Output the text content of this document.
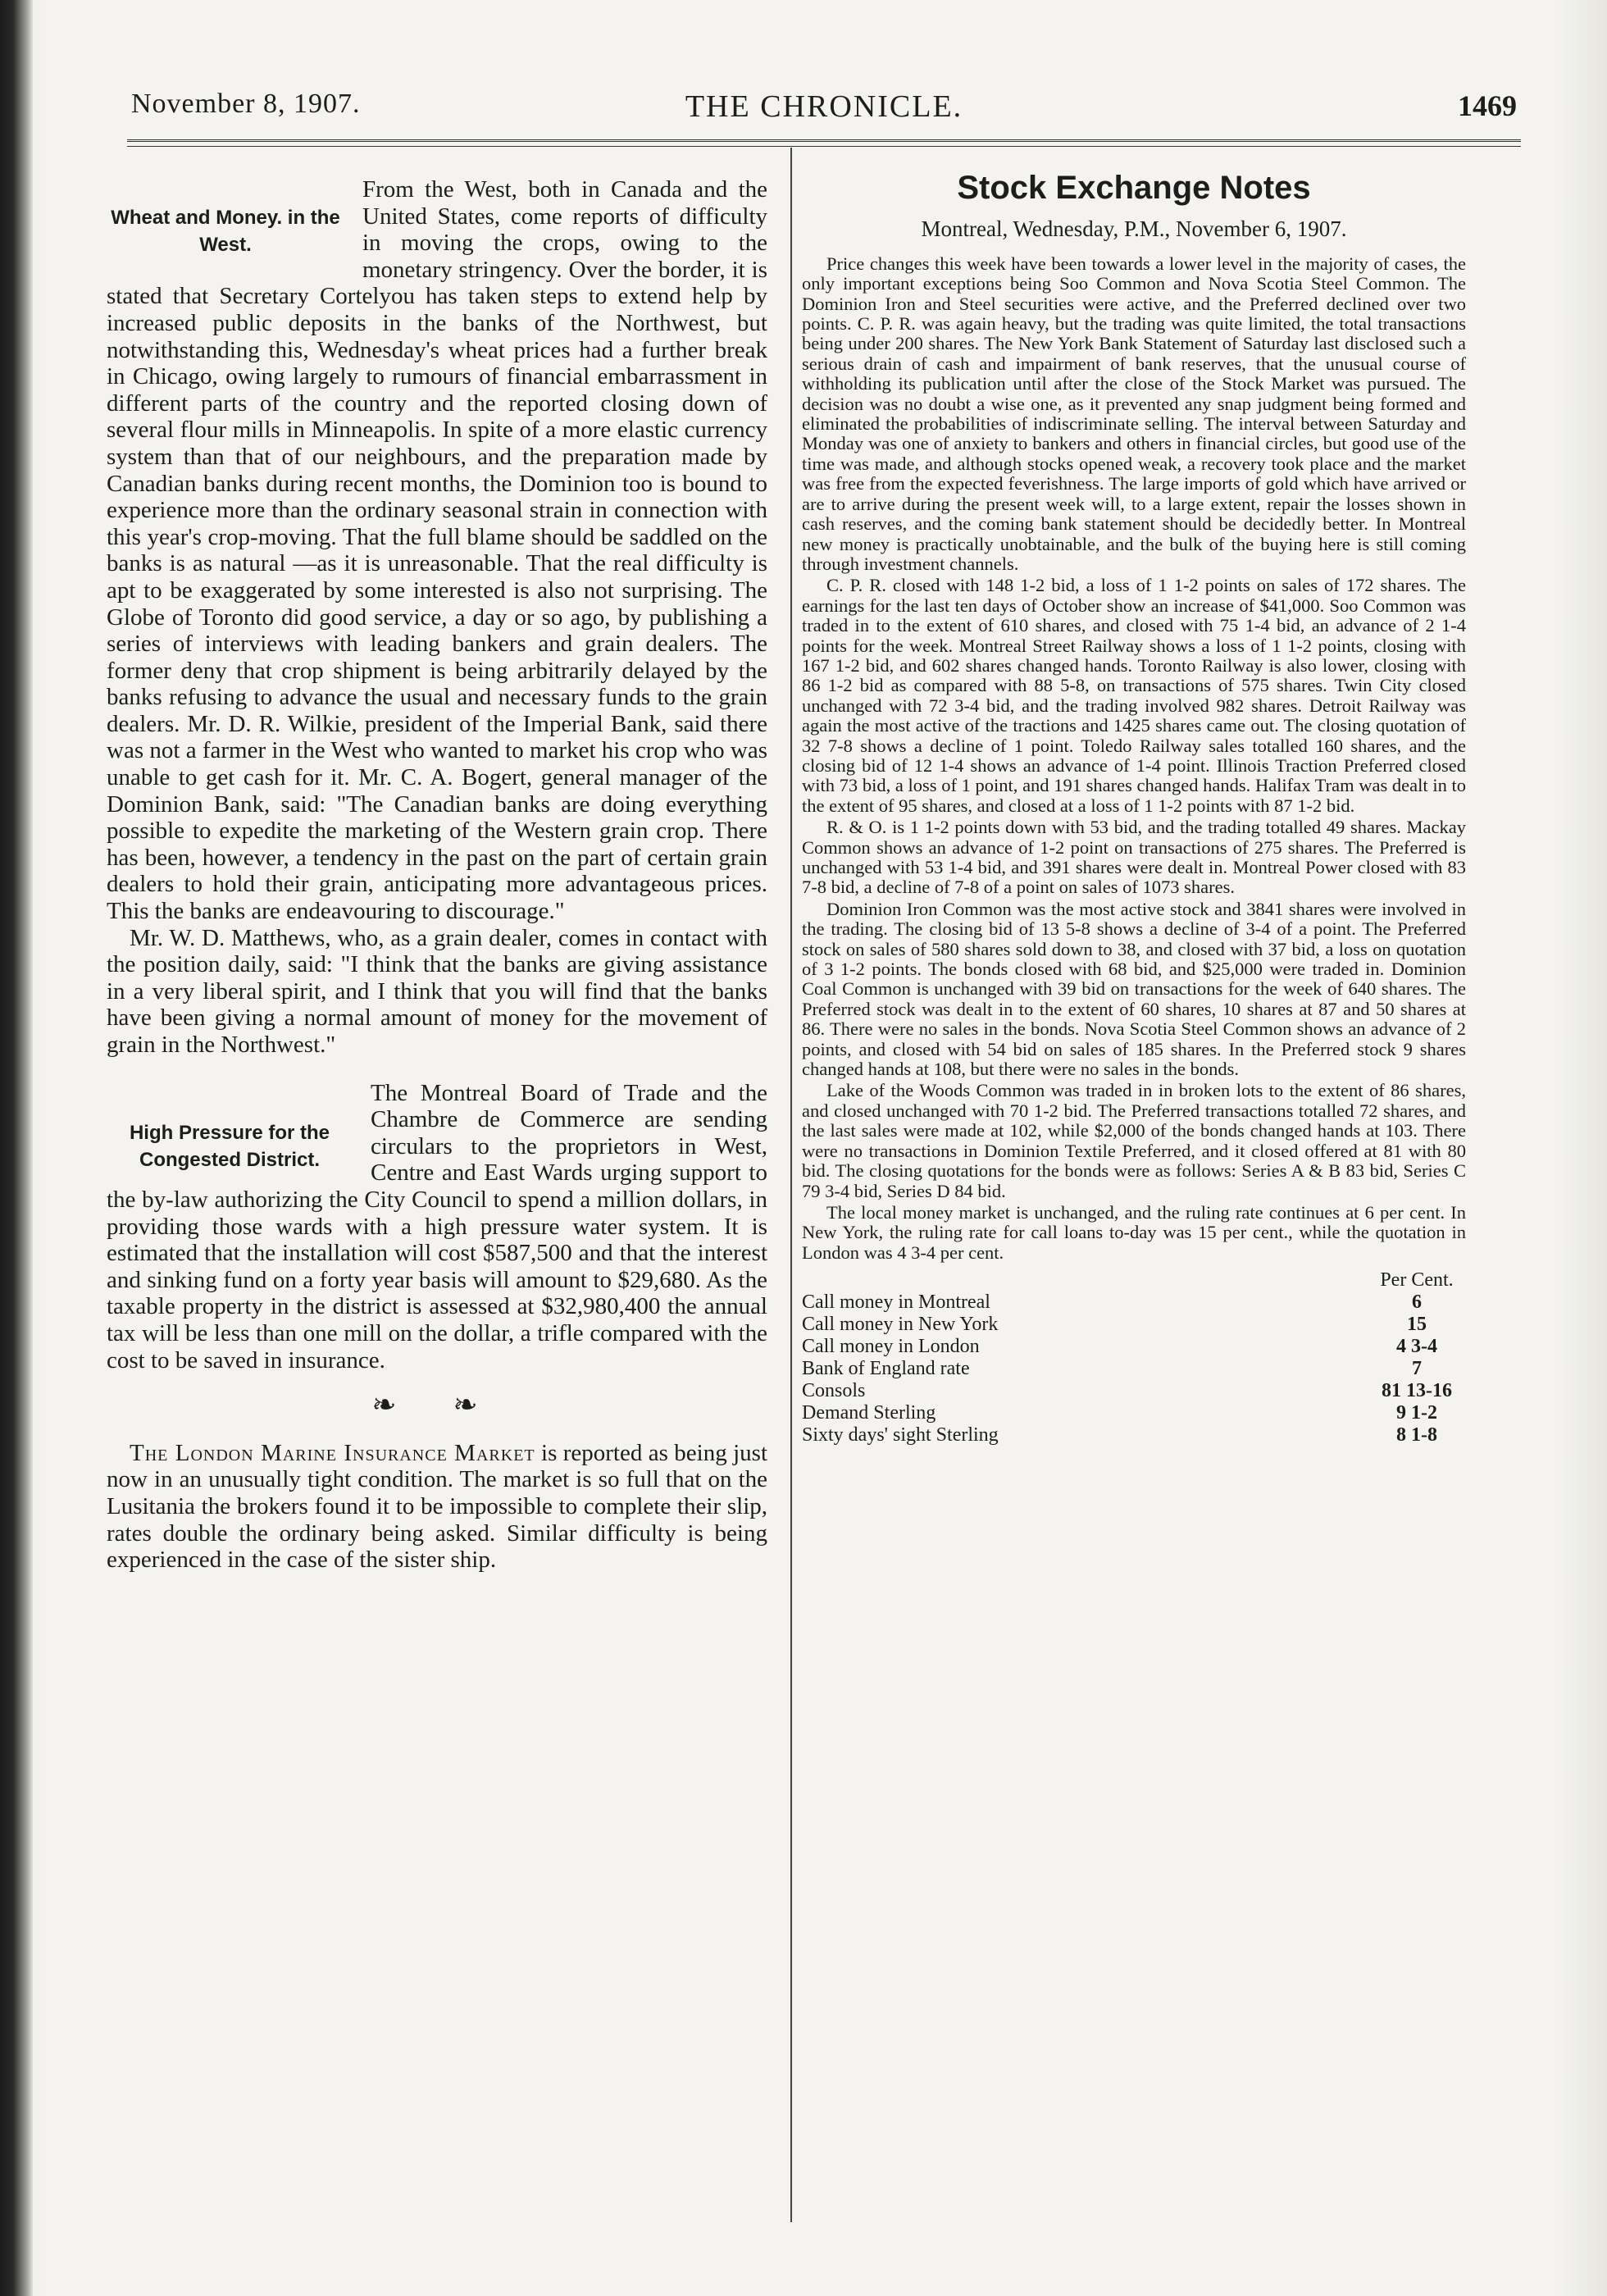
November 8, 1907.	THE CHRONICLE.	1469
Wheat and Money. in the West.

From the West, both in Canada and the United States, come reports of difficulty in moving the crops, owing to the monetary stringency. Over the border, it is stated that Secretary Cortelyou has taken steps to extend help by increased public deposits in the banks of the Northwest, but notwithstanding this, Wednesday's wheat prices had a further break in Chicago, owing largely to rumours of financial embarrassment in different parts of the country and the reported closing down of several flour mills in Minneapolis. In spite of a more elastic currency system than that of our neighbours, and the preparation made by Canadian banks during recent months, the Dominion too is bound to experience more than the ordinary seasonal strain in connection with this year's crop-moving. That the full blame should be saddled on the banks is as natural —as it is unreasonable. That the real difficulty is apt to be exaggerated by some interested is also not surprising. The Globe of Toronto did good service, a day or so ago, by publishing a series of interviews with leading bankers and grain dealers. The former deny that crop shipment is being arbitrarily delayed by the banks refusing to advance the usual and necessary funds to the grain dealers. Mr. D. R. Wilkie, president of the Imperial Bank, said there was not a farmer in the West who wanted to market his crop who was unable to get cash for it. Mr. C. A. Bogert, general manager of the Dominion Bank, said: "The Canadian banks are doing everything possible to expedite the marketing of the Western grain crop. There has been, however, a tendency in the past on the part of certain grain dealers to hold their grain, anticipating more advantageous prices. This the banks are endeavouring to discourage."

Mr. W. D. Matthews, who, as a grain dealer, comes in contact with the position daily, said: "I think that the banks are giving assistance in a very liberal spirit, and I think that you will find that the banks have been giving a normal amount of money for the movement of grain in the Northwest."

High Pressure for the Congested District.

The Montreal Board of Trade and the Chambre de Commerce are sending circulars to the proprietors in West, Centre and East Wards urging support to the by-law authorizing the City Council to spend a million dollars, in providing those wards with a high pressure water system. It is estimated that the installation will cost $587,500 and that the interest and sinking fund on a forty year basis will amount to $29,680. As the taxable property in the district is assessed at $32,980,400 the annual tax will be less than one mill on the dollar, a trifle compared with the cost to be saved in insurance.

❧ ❧

The London Marine Insurance Market is reported as being just now in an unusually tight condition. The market is so full that on the Lusitania the brokers found it to be impossible to complete their slip, rates double the ordinary being asked. Similar difficulty is being experienced in the case of the sister ship.

Stock Exchange Notes
Montreal, Wednesday, P.M., November 6, 1907.

Price changes this week have been towards a lower level in the majority of cases, the only important exceptions being Soo Common and Nova Scotia Steel Common. The Dominion Iron and Steel securities were active, and the Preferred declined over two points. C. P. R. was again heavy, but the trading was quite limited, the total transactions being under 200 shares. The New York Bank Statement of Saturday last disclosed such a serious drain of cash and impairment of bank reserves, that the unusual course of withholding its publication until after the close of the Stock Market was pursued. The decision was no doubt a wise one, as it prevented any snap judgment being formed and eliminated the probabilities of indiscriminate selling. The interval between Saturday and Monday was one of anxiety to bankers and others in financial circles, but good use of the time was made, and although stocks opened weak, a recovery took place and the market was free from the expected feverishness. The large imports of gold which have arrived or are to arrive during the present week will, to a large extent, repair the losses shown in cash reserves, and the coming bank statement should be decidedly better. In Montreal new money is practically unobtainable, and the bulk of the buying here is still coming through investment channels.

C. P. R. closed with 148 1-2 bid, a loss of 1 1-2 points on sales of 172 shares. The earnings for the last ten days of October show an increase of $41,000. Soo Common was traded in to the extent of 610 shares, and closed with 75 1-4 bid, an advance of 2 1-4 points for the week. Montreal Street Railway shows a loss of 1 1-2 points, closing with 167 1-2 bid, and 602 shares changed hands. Toronto Railway is also lower, closing with 86 1-2 bid as compared with 88 5-8, on transactions of 575 shares. Twin City closed unchanged with 72 3-4 bid, and the trading involved 982 shares. Detroit Railway was again the most active of the tractions and 1425 shares came out. The closing quotation of 32 7-8 shows a decline of 1 point. Toledo Railway sales totalled 160 shares, and the closing bid of 12 1-4 shows an advance of 1-4 point. Illinois Traction Preferred closed with 73 bid, a loss of 1 point, and 191 shares changed hands. Halifax Tram was dealt in to the extent of 95 shares, and closed at a loss of 1 1-2 points with 87 1-2 bid.

R. & O. is 1 1-2 points down with 53 bid, and the trading totalled 49 shares. Mackay Common shows an advance of 1-2 point on transactions of 275 shares. The Preferred is unchanged with 53 1-4 bid, and 391 shares were dealt in. Montreal Power closed with 83 7-8 bid, a decline of 7-8 of a point on sales of 1073 shares.

Dominion Iron Common was the most active stock and 3841 shares were involved in the trading. The closing bid of 13 5-8 shows a decline of 3-4 of a point. The Preferred stock on sales of 580 shares sold down to 38, and closed with 37 bid, a loss on quotation of 3 1-2 points. The bonds closed with 68 bid, and $25,000 were traded in. Dominion Coal Common is unchanged with 39 bid on transactions for the week of 640 shares. The Preferred stock was dealt in to the extent of 60 shares, 10 shares at 87 and 50 shares at 86. There were no sales in the bonds. Nova Scotia Steel Common shows an advance of 2 points, and closed with 54 bid on sales of 185 shares. In the Preferred stock 9 shares changed hands at 108, but there were no sales in the bonds.

Lake of the Woods Common was traded in in broken lots to the extent of 86 shares, and closed unchanged with 70 1-2 bid. The Preferred transactions totalled 72 shares, and the last sales were made at 102, while $2,000 of the bonds changed hands at 103. There were no transactions in Dominion Textile Preferred, and it closed offered at 81 with 80 bid. The closing quotations for the bonds were as follows: Series A & B 83 bid, Series C 79 3-4 bid, Series D 84 bid.

The local money market is unchanged, and the ruling rate continues at 6 per cent. In New York, the ruling rate for call loans to-day was 15 per cent., while the quotation in London was 4 3-4 per cent.

	Per Cent.
Call money in Montreal	6
Call money in New York	15
Call money in London	4 3-4
Bank of England rate	7
Consols	81 13-16
Demand Sterling	9 1-2
Sixty days' sight Sterling	8 1-8
